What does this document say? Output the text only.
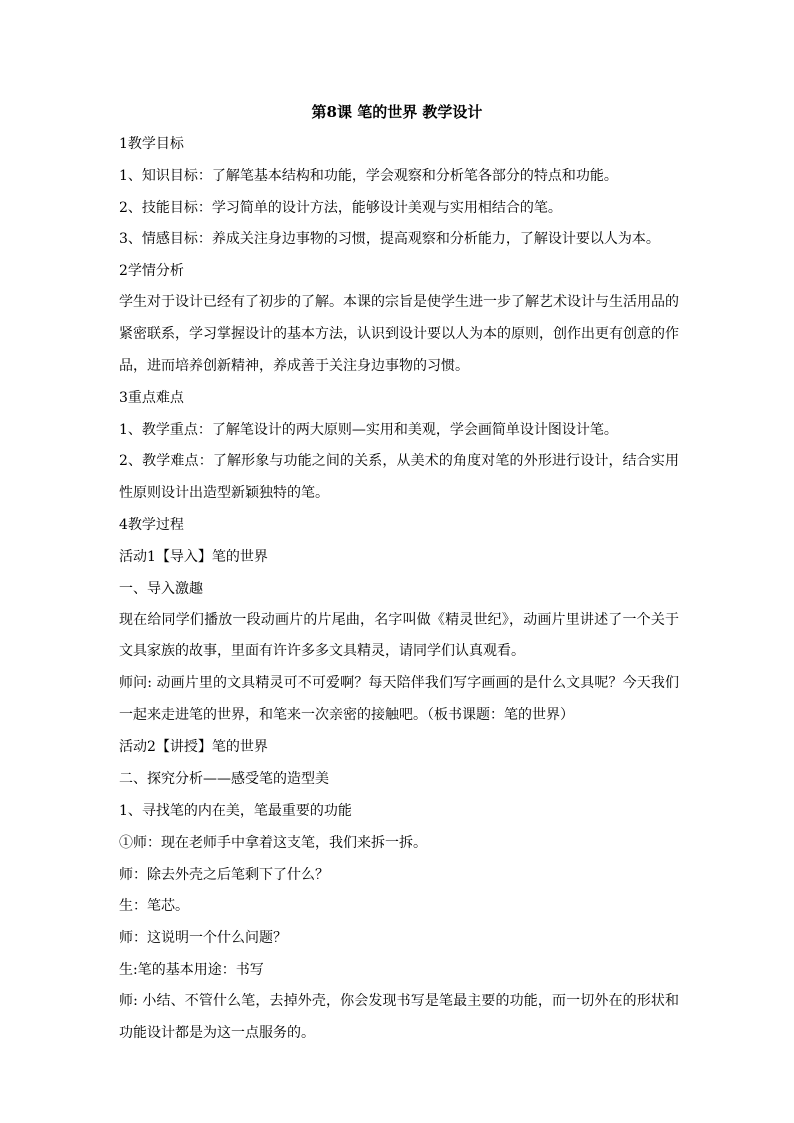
第8课 笔的世界 教学设计

1教学目标

1、知识目标：了解笔基本结构和功能，学会观察和分析笔各部分的特点和功能。

2、技能目标：学习简单的设计方法，能够设计美观与实用相结合的笔。

3、情感目标：养成关注身边事物的习惯，提高观察和分析能力，了解设计要以人为本。

2学情分析

学生对于设计已经有了初步的了解。本课的宗旨是使学生进一步了解艺术设计与生活用品的紧密联系，学习掌握设计的基本方法，认识到设计要以人为本的原则，创作出更有创意的作品，进而培养创新精神，养成善于关注身边事物的习惯。

3重点难点

1、教学重点：了解笔设计的两大原则—实用和美观，学会画简单设计图设计笔。

2、教学难点：了解形象与功能之间的关系，从美术的角度对笔的外形进行设计，结合实用性原则设计出造型新颖独特的笔。

4教学过程

活动1【导入】笔的世界

一、导入激趣

现在给同学们播放一段动画片的片尾曲，名字叫做《精灵世纪》，动画片里讲述了一个关于文具家族的故事，里面有许许多多文具精灵，请同学们认真观看。

师问: 动画片里的文具精灵可不可爱啊？每天陪伴我们写字画画的是什么文具呢？今天我们一起来走进笔的世界，和笔来一次亲密的接触吧。（板书课题：笔的世界）

活动2【讲授】笔的世界

二、探究分析——感受笔的造型美

1、寻找笔的内在美，笔最重要的功能

①师：现在老师手中拿着这支笔，我们来拆一拆。

师：除去外壳之后笔剩下了什么？

生：笔芯。

师：这说明一个什么问题？

生:笔的基本用途：书写

师: 小结、不管什么笔，去掉外壳，你会发现书写是笔最主要的功能，而一切外在的形状和功能设计都是为这一点服务的。
